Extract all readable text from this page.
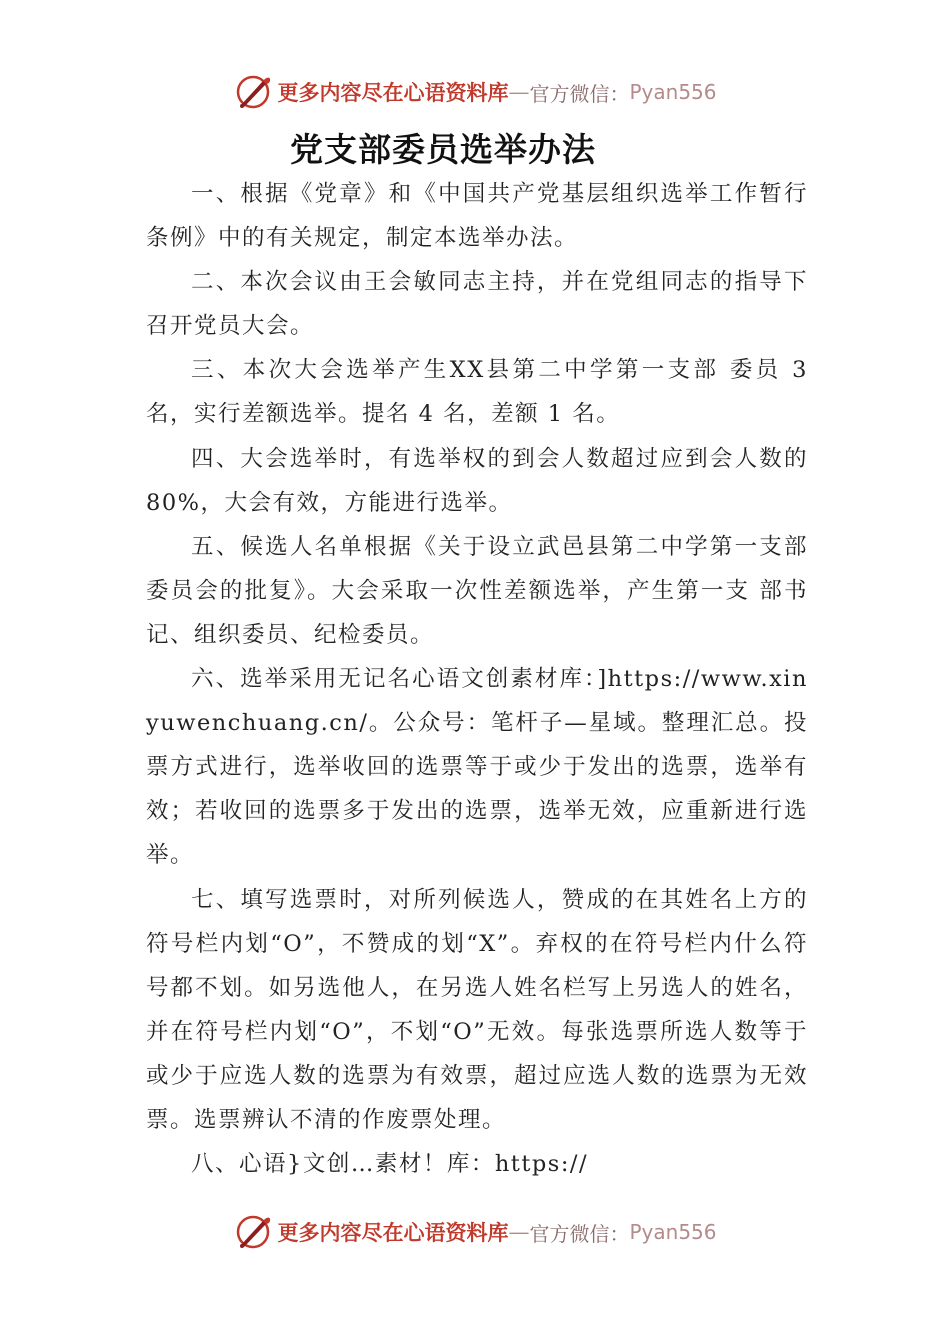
更多内容尽在心语资料库 — 官方微信： Pyan556
党支部委员选举办法

一、根据《党章》和《中国共产党基层组织选举工作暂行条例》中的有关规定，制定本选举办法。

二、本次会议由王会敏同志主持，并在党组同志的指导下召开党员大会。

三、本次大会选举产生XX县第二中学第一支部 委员 3 名，实行差额选举。提名 4 名，差额 1 名。

四、大会选举时，有选举权的到会人数超过应到会人数的 80%，大会有效，方能进行选举。

五、候选人名单根据《关于设立武邑县第二中学第一支部委员会的批复》。大会采取一次性差额选举，产生第一支 部书记、组织委员、纪检委员。

六、选举采用无记名心语文创素材库：]https://www.xinyuwenchuang.cn/。公众号：笔杆子—星域。整理汇总。投票方式进行，选举收回的选票等于或少于发出的选票，选举有效；若收回的选票多于发出的选票，选举无效，应重新进行选举。

七、填写选票时，对所列候选人，赞成的在其姓名上方的符号栏内划“O”，不赞成的划“X”。弃权的在符号栏内什么符号都不划。如另选他人，在另选人姓名栏写上另选人的姓名，并在符号栏内划“O”，不划“O”无效。每张选票所选人数等于或少于应选人数的选票为有效票，超过应选人数的选票为无效票。选票辨认不清的作废票处理。

八、心语}文创…素材！库：https://

更多内容尽在心语资料库 — 官方微信： Pyan556
